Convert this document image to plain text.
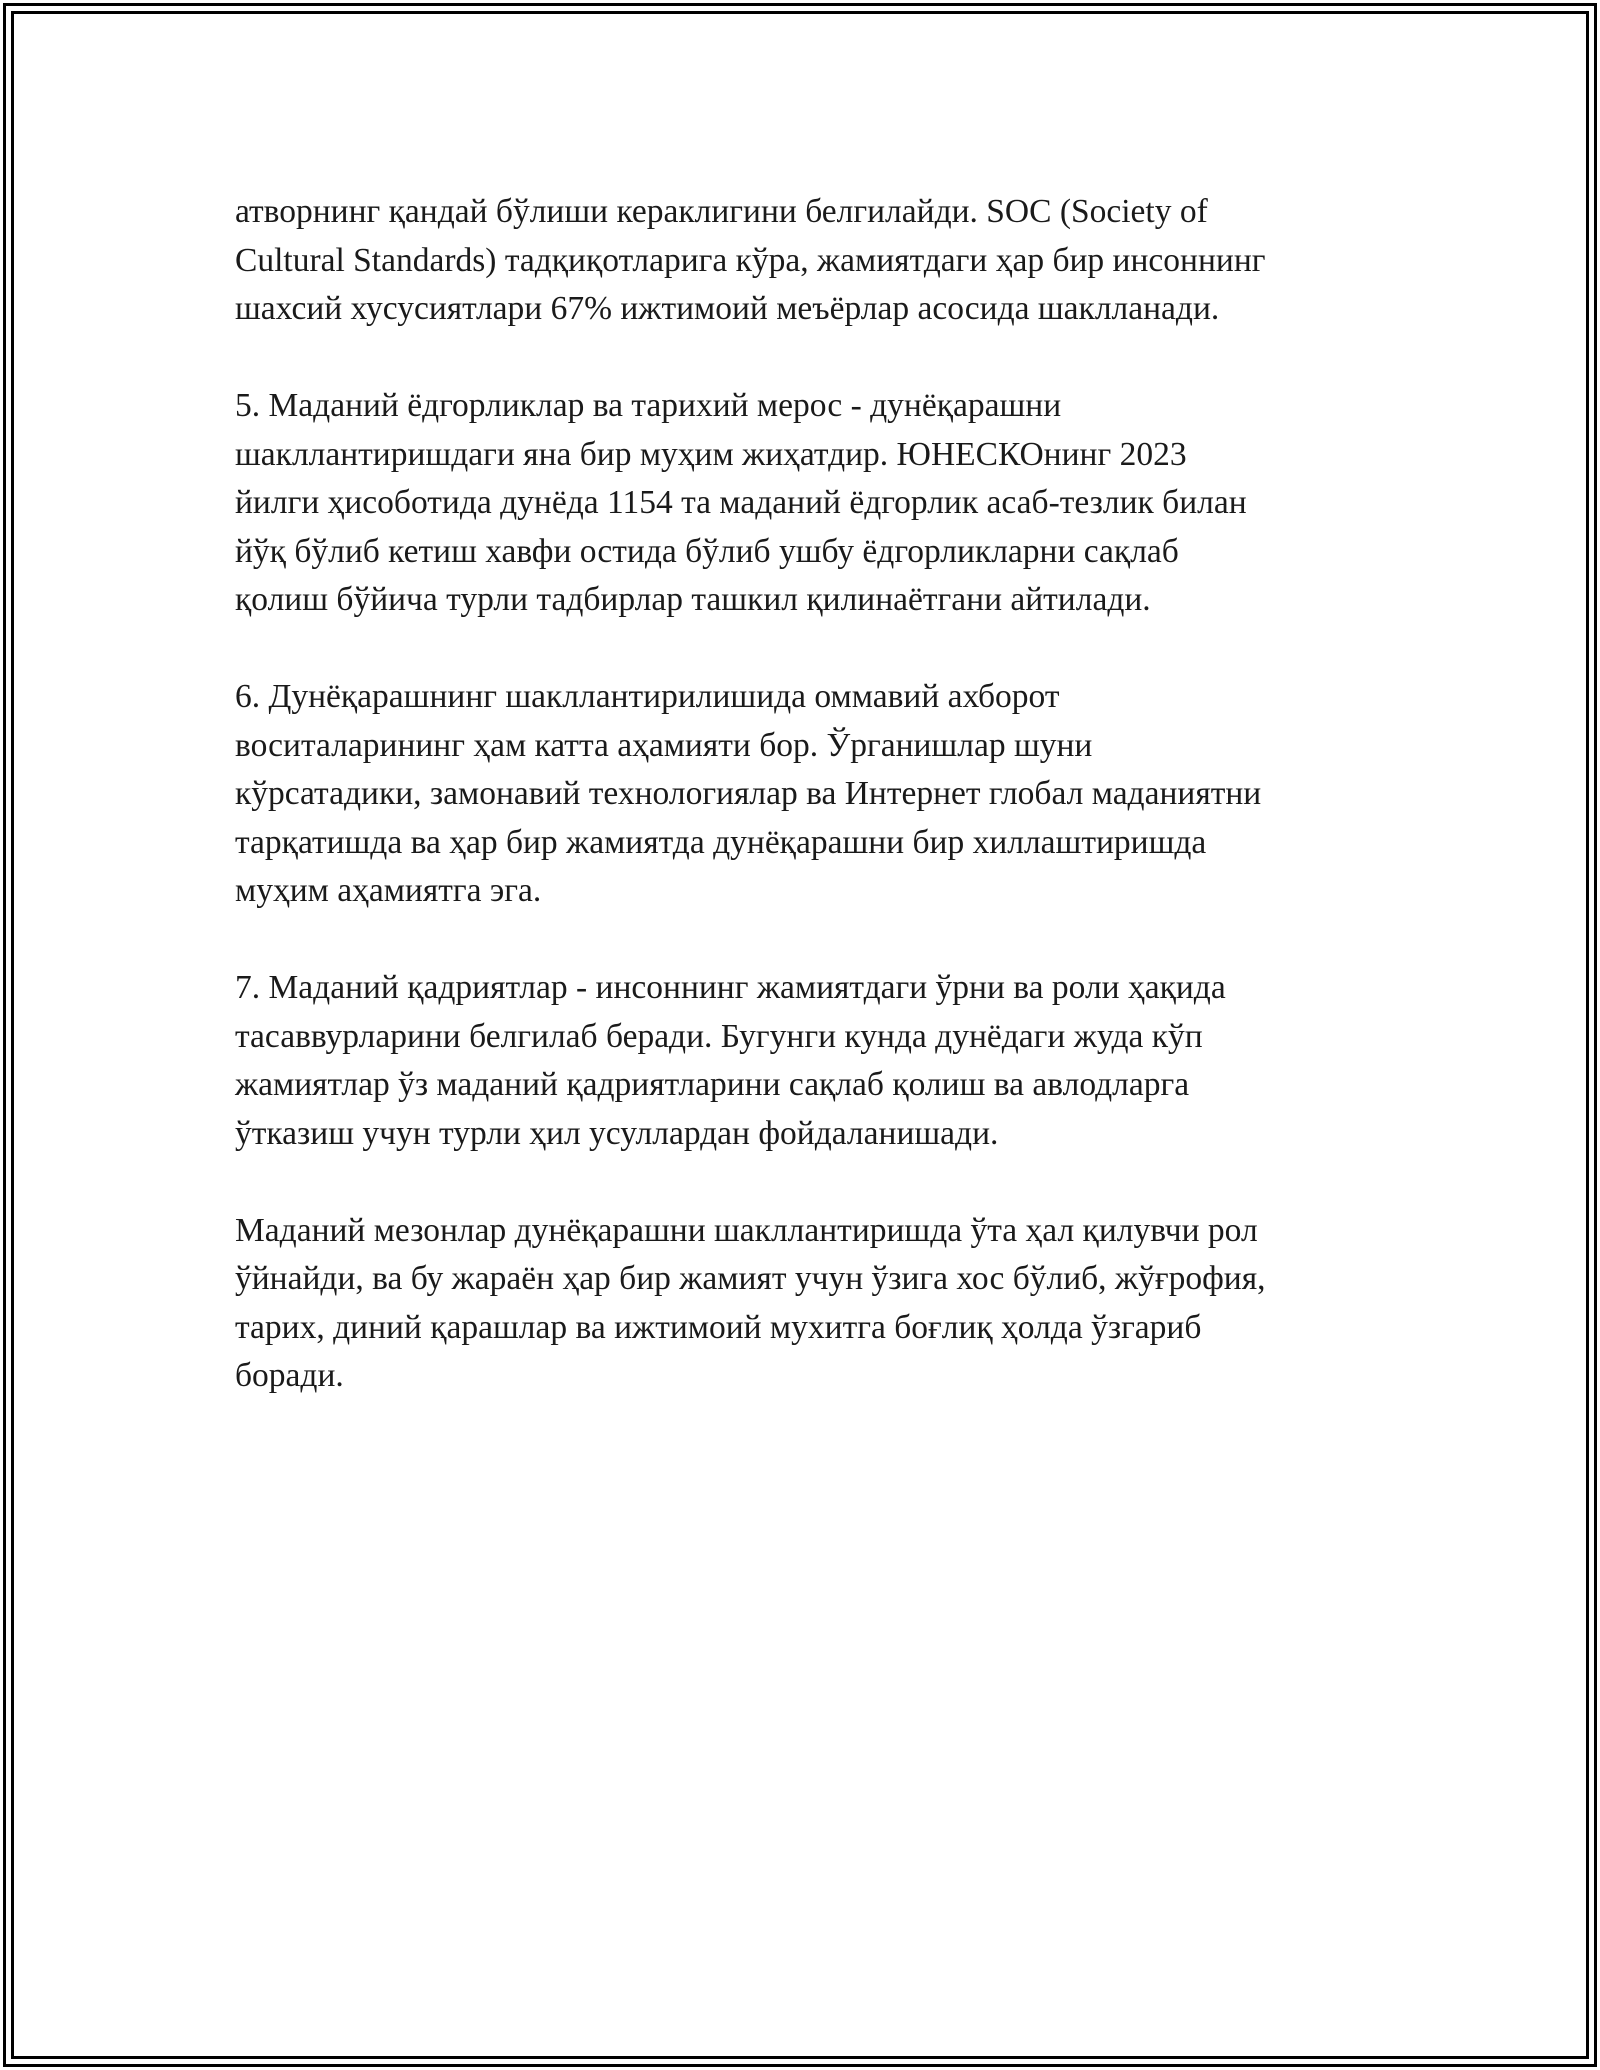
атворнинг қандай бўлиши кераклигини белгилайди. SOC (Society of
Cultural Standards) тадқиқотларига кўра, жамиятдаги ҳар бир инсоннинг
шахсий хусусиятлари 67% ижтимоий меъёрлар асосида шаклланади.

5. Маданий ёдгорликлар ва тарихий мерос - дунёқарашни
шакллантиришдаги яна бир муҳим жиҳатдир. ЮНЕСКОнинг 2023
йилги ҳисоботида дунёда 1154 та маданий ёдгорлик асаб-тезлик билан
йўқ бўлиб кетиш хавфи остида бўлиб ушбу ёдгорликларни сақлаб
қолиш бўйича турли тадбирлар ташкил қилинаётгани айтилади.

6. Дунёқарашнинг шакллантирилишида оммавий ахборот
воситаларининг ҳам катта аҳамияти бор. Ўрганишлар шуни
кўрсатадики, замонавий технологиялар ва Интернет глобал маданиятни
тарқатишда ва ҳар бир жамиятда дунёқарашни бир хиллаштиришда
муҳим аҳамиятга эга.

7. Маданий қадриятлар - инсоннинг жамиятдаги ўрни ва роли ҳақида
тасаввурларини белгилаб беради. Бугунги кунда дунёдаги жуда кўп
жамиятлар ўз маданий қадриятларини сақлаб қолиш ва авлодларга
ўтказиш учун турли ҳил усуллардан фойдаланишади.

Маданий мезонлар дунёқарашни шакллантиришда ўта ҳал қилувчи рол
ўйнайди, ва бу жараён ҳар бир жамият учун ўзига хос бўлиб, жўғрофия,
тарих, диний қарашлар ва ижтимоий мухитга боғлиқ ҳолда ўзгариб
боради.
